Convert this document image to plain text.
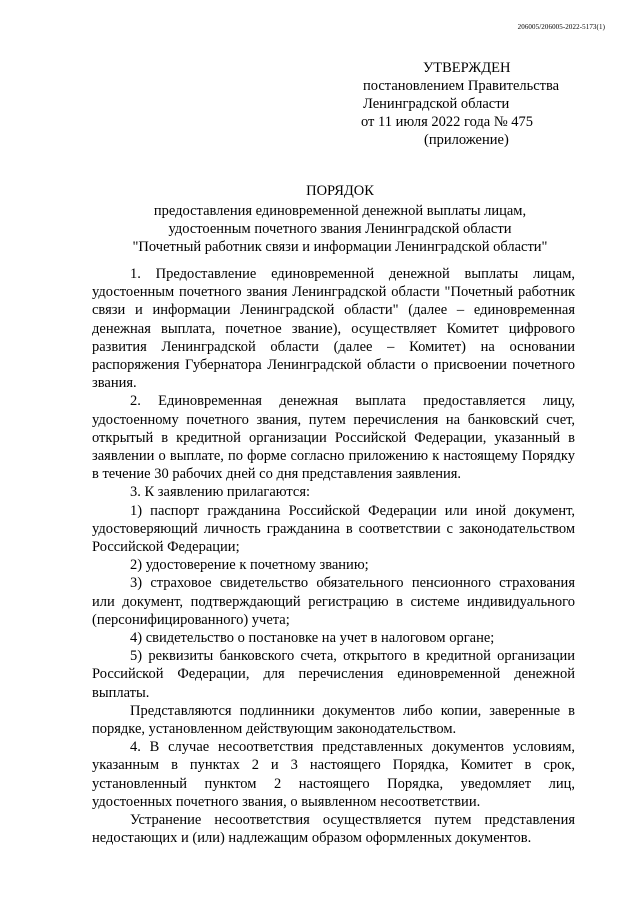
206005/206005-2022-5173(1)
УТВЕРЖДЕН
постановлением Правительства
Ленинградской области
от 11 июля 2022 года № 475
(приложение)
ПОРЯДОК
предоставления единовременной денежной выплаты лицам,
удостоенным почетного звания Ленинградской области
"Почетный работник связи и информации Ленинградской области"

1. Предоставление единовременной денежной выплаты лицам, удостоенным почетного звания Ленинградской области "Почетный работник связи и информации Ленинградской области" (далее – единовременная денежная выплата, почетное звание), осуществляет Комитет цифрового развития Ленинградской области (далее – Комитет) на основании распоряжения Губернатора Ленинградской области о присвоении почетного звания.

2. Единовременная денежная выплата предоставляется лицу, удостоенному почетного звания, путем перечисления на банковский счет, открытый в кредитной организации Российской Федерации, указанный в заявлении о выплате, по форме согласно приложению к настоящему Порядку в течение 30 рабочих дней со дня представления заявления.

3. К заявлению прилагаются:

1) паспорт гражданина Российской Федерации или иной документ, удостоверяющий личность гражданина в соответствии с законодательством Российской Федерации;

2) удостоверение к почетному званию;

3) страховое свидетельство обязательного пенсионного страхования или документ, подтверждающий регистрацию в системе индивидуального (персонифицированного) учета;

4) свидетельство о постановке на учет в налоговом органе;

5) реквизиты банковского счета, открытого в кредитной организации Российской Федерации, для перечисления единовременной денежной выплаты.

Представляются подлинники документов либо копии, заверенные в порядке, установленном действующим законодательством.

4. В случае несоответствия представленных документов условиям, указанным в пунктах 2 и 3 настоящего Порядка, Комитет в срок, установленный пунктом 2 настоящего Порядка, уведомляет лиц, удостоенных почетного звания, о выявленном несоответствии.

Устранение несоответствия осуществляется путем представления недостающих и (или) надлежащим образом оформленных документов.
